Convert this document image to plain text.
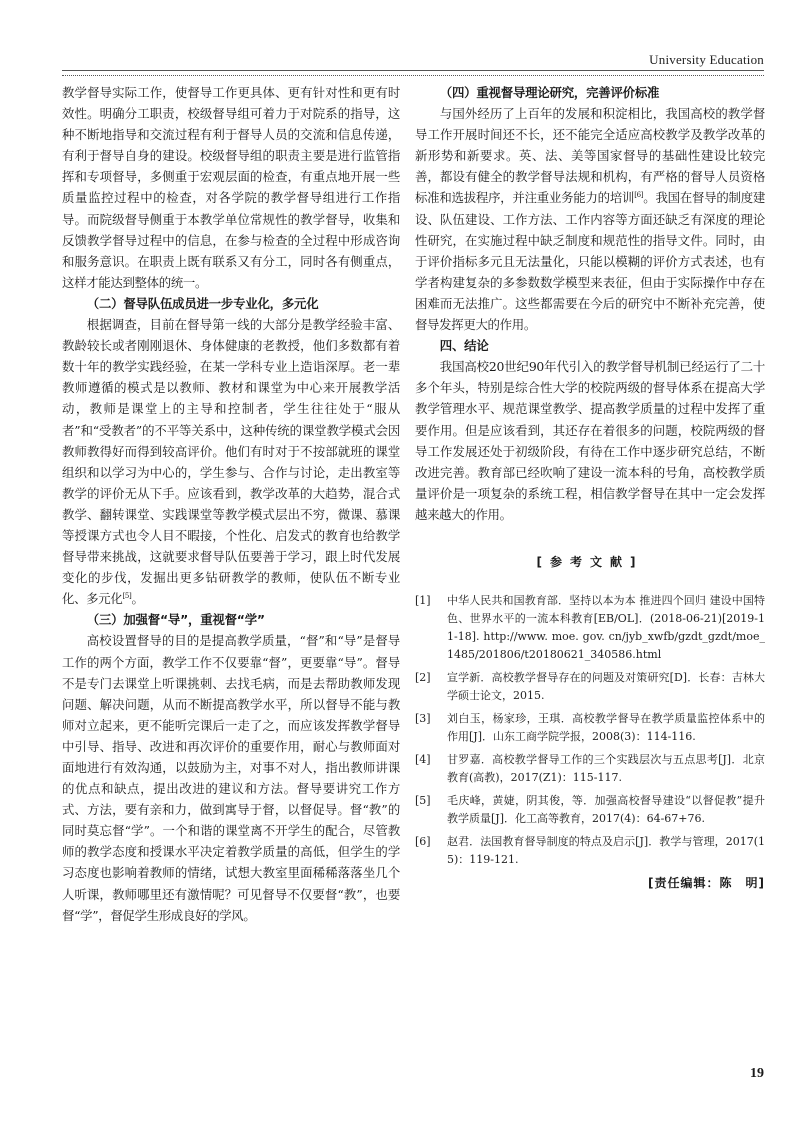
University Education

教学督导实际工作，使督导工作更具体、更有针对性和更有时效性。明确分工职责，校级督导组可着力于对院系的指导，这种不断地指导和交流过程有利于督导人员的交流和信息传递，有利于督导自身的建设。校级督导组的职责主要是进行监管指挥和专项督导，多侧重于宏观层面的检查，有重点地开展一些质量监控过程中的检查，对各学院的教学督导组进行工作指导。而院级督导侧重于本教学单位常规性的教学督导，收集和反馈教学督导过程中的信息，在参与检查的全过程中形成咨询和服务意识。在职责上既有联系又有分工，同时各有侧重点，这样才能达到整体的统一。

（二）督导队伍成员进一步专业化，多元化

根据调查，目前在督导第一线的大部分是教学经验丰富、教龄较长或者刚刚退休、身体健康的老教授，他们多数都有着数十年的教学实践经验，在某一学科专业上造诣深厚。老一辈教师遵循的模式是以教师、教材和课堂为中心来开展教学活动，教师是课堂上的主导和控制者，学生往往处于“服从者”和“受教者”的不平等关系中，这种传统的课堂教学模式会因教师教得好而得到较高评价。他们有时对于不按部就班的课堂组织和以学习为中心的，学生参与、合作与讨论，走出教室等教学的评价无从下手。应该看到，教学改革的大趋势，混合式教学、翻转课堂、实践课堂等教学模式层出不穷，微课、慕课等授课方式也令人目不暇接，个性化、启发式的教育也给教学督导带来挑战，这就要求督导队伍要善于学习，跟上时代发展变化的步伐，发掘出更多钻研教学的教师，使队伍不断专业化、多元化[5]。

（三）加强督“导”，重视督“学”

高校设置督导的目的是提高教学质量，“督”和“导”是督导工作的两个方面，教学工作不仅要靠“督”，更要靠“导”。督导不是专门去课堂上听课挑刺、去找毛病，而是去帮助教师发现问题、解决问题，从而不断提高教学水平，所以督导不能与教师对立起来，更不能听完课后一走了之，而应该发挥教学督导中引导、指导、改进和再次评价的重要作用，耐心与教师面对面地进行有效沟通，以鼓励为主，对事不对人，指出教师讲课的优点和缺点，提出改进的建议和方法。督导要讲究工作方式、方法，要有亲和力，做到寓导于督，以督促导。督“教”的同时莫忘督“学”。一个和谐的课堂离不开学生的配合，尽管教师的教学态度和授课水平决定着教学质量的高低，但学生的学习态度也影响着教师的情绪，试想大教室里面稀稀落落坐几个人听课，教师哪里还有激情呢？可见督导不仅要督“教”，也要督“学”，督促学生形成良好的学风。

（四）重视督导理论研究，完善评价标准

与国外经历了上百年的发展和积淀相比，我国高校的教学督导工作开展时间还不长，还不能完全适应高校教学及教学改革的新形势和新要求。英、法、美等国家督导的基础性建设比较完善，都设有健全的教学督导法规和机构，有严格的督导人员资格标准和选拔程序，并注重业务能力的培训[6]。我国在督导的制度建设、队伍建设、工作方法、工作内容等方面还缺乏有深度的理论性研究，在实施过程中缺乏制度和规范性的指导文件。同时，由于评价指标多元且无法量化，只能以模糊的评价方式表述，也有学者构建复杂的多参数数学模型来表征，但由于实际操作中存在困难而无法推广。这些都需要在今后的研究中不断补充完善，使督导发挥更大的作用。

四、结论

我国高校20世纪90年代引入的教学督导机制已经运行了二十多个年头，特别是综合性大学的校院两级的督导体系在提高大学教学管理水平、规范课堂教学、提高教学质量的过程中发挥了重要作用。但是应该看到，其还存在着很多的问题，校院两级的督导工作发展还处于初级阶段，有待在工作中逐步研究总结，不断改进完善。教育部已经吹响了建设一流本科的号角，高校教学质量评价是一项复杂的系统工程，相信教学督导在其中一定会发挥越来越大的作用。

[参考文献]
[1] 中华人民共和国教育部．坚持以本为本 推进四个回归 建设中国特色、世界水平的一流本科教育[EB/OL]．(2018-06-21)[2019-11-18]. http://www. moe. gov. cn/jyb_xwfb/gzdt_gzdt/moe_1485/201806/t20180621_340586.html
[2] 宣学新．高校教学督导存在的问题及对策研究[D]．长春：吉林大学硕士论文，2015.
[3] 刘白玉，杨家珍，王琪．高校教学督导在教学质量监控体系中的作用[J]．山东工商学院学报，2008(3)：114-116.
[4] 甘罗嘉．高校教学督导工作的三个实践层次与五点思考[J]．北京教育(高教)，2017(Z1)：115-117.
[5] 毛庆峰，黄婕，阴其俊，等．加强高校督导建设“以督促教”提升教学质量[J]．化工高等教育，2017(4)：64-67+76.
[6] 赵君．法国教育督导制度的特点及启示[J]．教学与管理，2017(15)：119-121.
[责任编辑：陈　明]
19
